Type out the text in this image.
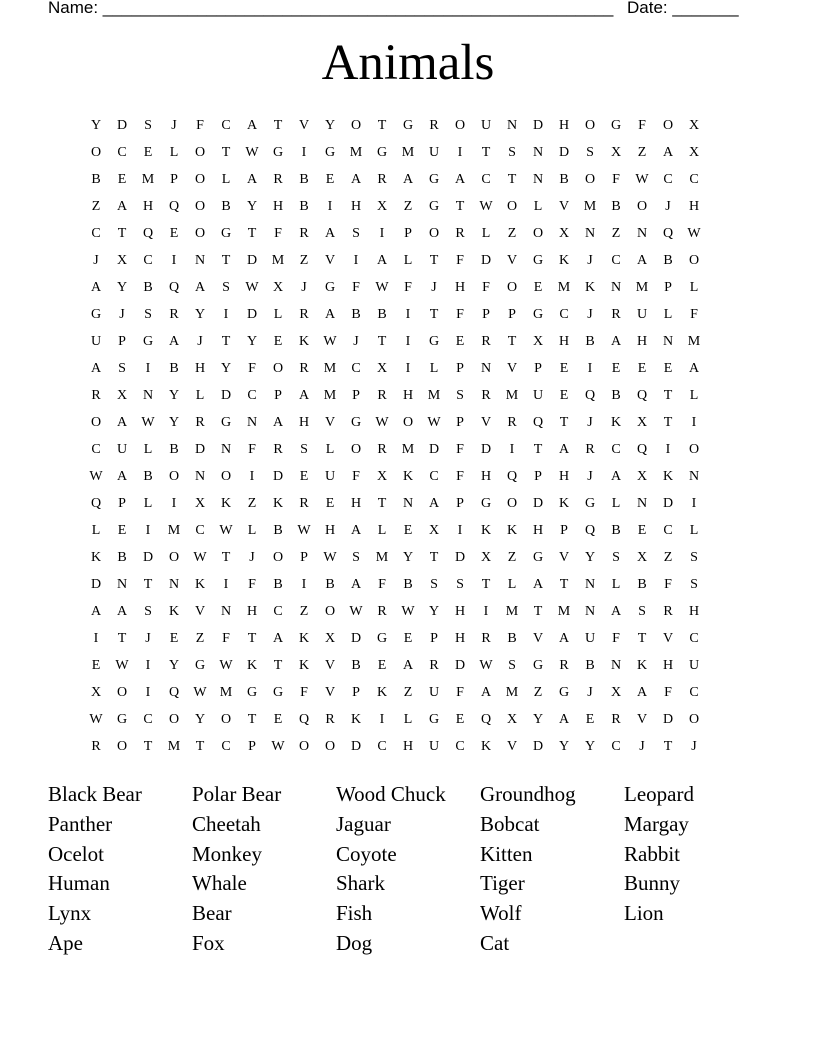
Name: ______________________________________________________ Date: _______
Animals
Y	D	S	J	F	C	A	T	V	Y	O	T	G	R	O	U	N	D	H	O	G	F	O	X
O	C	E	L	O	T	W	G	I	G	M	G	M	U	I	T	S	N	D	S	X	Z	A	X
B	E	M	P	O	L	A	R	B	E	A	R	A	G	A	C	T	N	B	O	F	W	C	C
Z	A	H	Q	O	B	Y	H	B	I	H	X	Z	G	T	W	O	L	V	M	B	O	J	H
C	T	Q	E	O	G	T	F	R	A	S	I	P	O	R	L	Z	O	X	N	Z	N	Q	W
J	X	C	I	N	T	D	M	Z	V	I	A	L	T	F	D	V	G	K	J	C	A	B	O
A	Y	B	Q	A	S	W	X	J	G	F	W	F	J	H	F	O	E	M	K	N	M	P	L
G	J	S	R	Y	I	D	L	R	A	B	B	I	T	F	P	P	G	C	J	R	U	L	F
U	P	G	A	J	T	Y	E	K	W	J	T	I	G	E	R	T	X	H	B	A	H	N	M
A	S	I	B	H	Y	F	O	R	M	C	X	I	L	P	N	V	P	E	I	E	E	E	A
R	X	N	Y	L	D	C	P	A	M	P	R	H	M	S	R	M	U	E	Q	B	Q	T	L
O	A	W	Y	R	G	N	A	H	V	G	W	O	W	P	V	R	Q	T	J	K	X	T	I
C	U	L	B	D	N	F	R	S	L	O	R	M	D	F	D	I	T	A	R	C	Q	I	O
W	A	B	O	N	O	I	D	E	U	F	X	K	C	F	H	Q	P	H	J	A	X	K	N
Q	P	L	I	X	K	Z	K	R	E	H	T	N	A	P	G	O	D	K	G	L	N	D	I
L	E	I	M	C	W	L	B	W	H	A	L	E	X	I	K	K	H	P	Q	B	E	C	L
K	B	D	O	W	T	J	O	P	W	S	M	Y	T	D	X	Z	G	V	Y	S	X	Z	S
D	N	T	N	K	I	F	B	I	B	A	F	B	S	S	T	L	A	T	N	L	B	F	S
A	A	S	K	V	N	H	C	Z	O	W	R	W	Y	H	I	M	T	M	N	A	S	R	H
I	T	J	E	Z	F	T	A	K	X	D	G	E	P	H	R	B	V	A	U	F	T	V	C
E	W	I	Y	G	W	K	T	K	V	B	E	A	R	D	W	S	G	R	B	N	K	H	U
X	O	I	Q	W M	G	G	F	V	P	K	Z	U	F	A	M	Z	G	J	X	A	F	C
W	G	C	O	Y	O	T	E	Q	R	K	I	L	G	E	Q	X	Y	A	E	R	V	D	O
R	O	T	M	T	C	P	W	O	O	D	C	H	U	C	K	V	D	Y	Y	C	J	T	J
Black Bear	Polar Bear	Wood Chuck	Groundhog	Leopard
Panther	Cheetah	Jaguar	Bobcat	Margay
Ocelot	Monkey	Coyote	Kitten	Rabbit
Human	Whale	Shark	Tiger	Bunny
Lynx	Bear	Fish	Wolf	Lion
Ape	Fox	Dog	Cat
